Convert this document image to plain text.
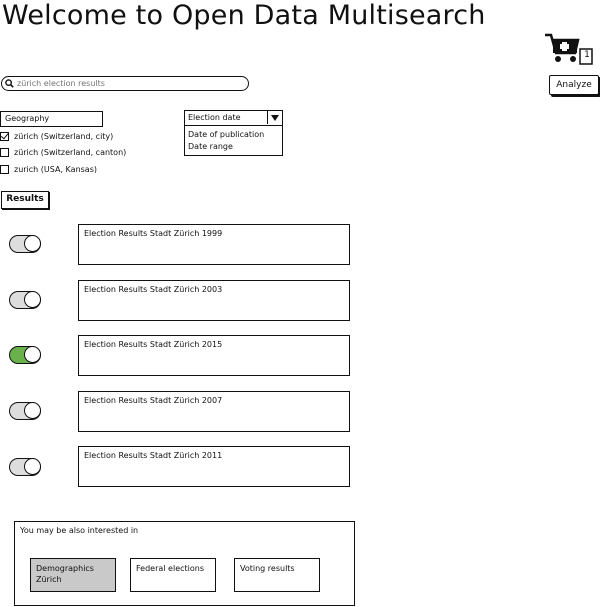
Welcome to Open Data Multisearch
1
Analyze
zürich election results
Geography
zürich (Switzerland, city)
zürich (Switzerland, canton)
zurich (USA, Kansas)
Election date
Date of publication
Date range
Results
Election Results Stadt Zürich 1999
Election Results Stadt Zürich 2003
Election Results Stadt Zürich 2015
Election Results Stadt Zürich 2007
Election Results Stadt Zürich 2011
You may be also interested in
Demographics Zürich
Federal elections	Voting results
